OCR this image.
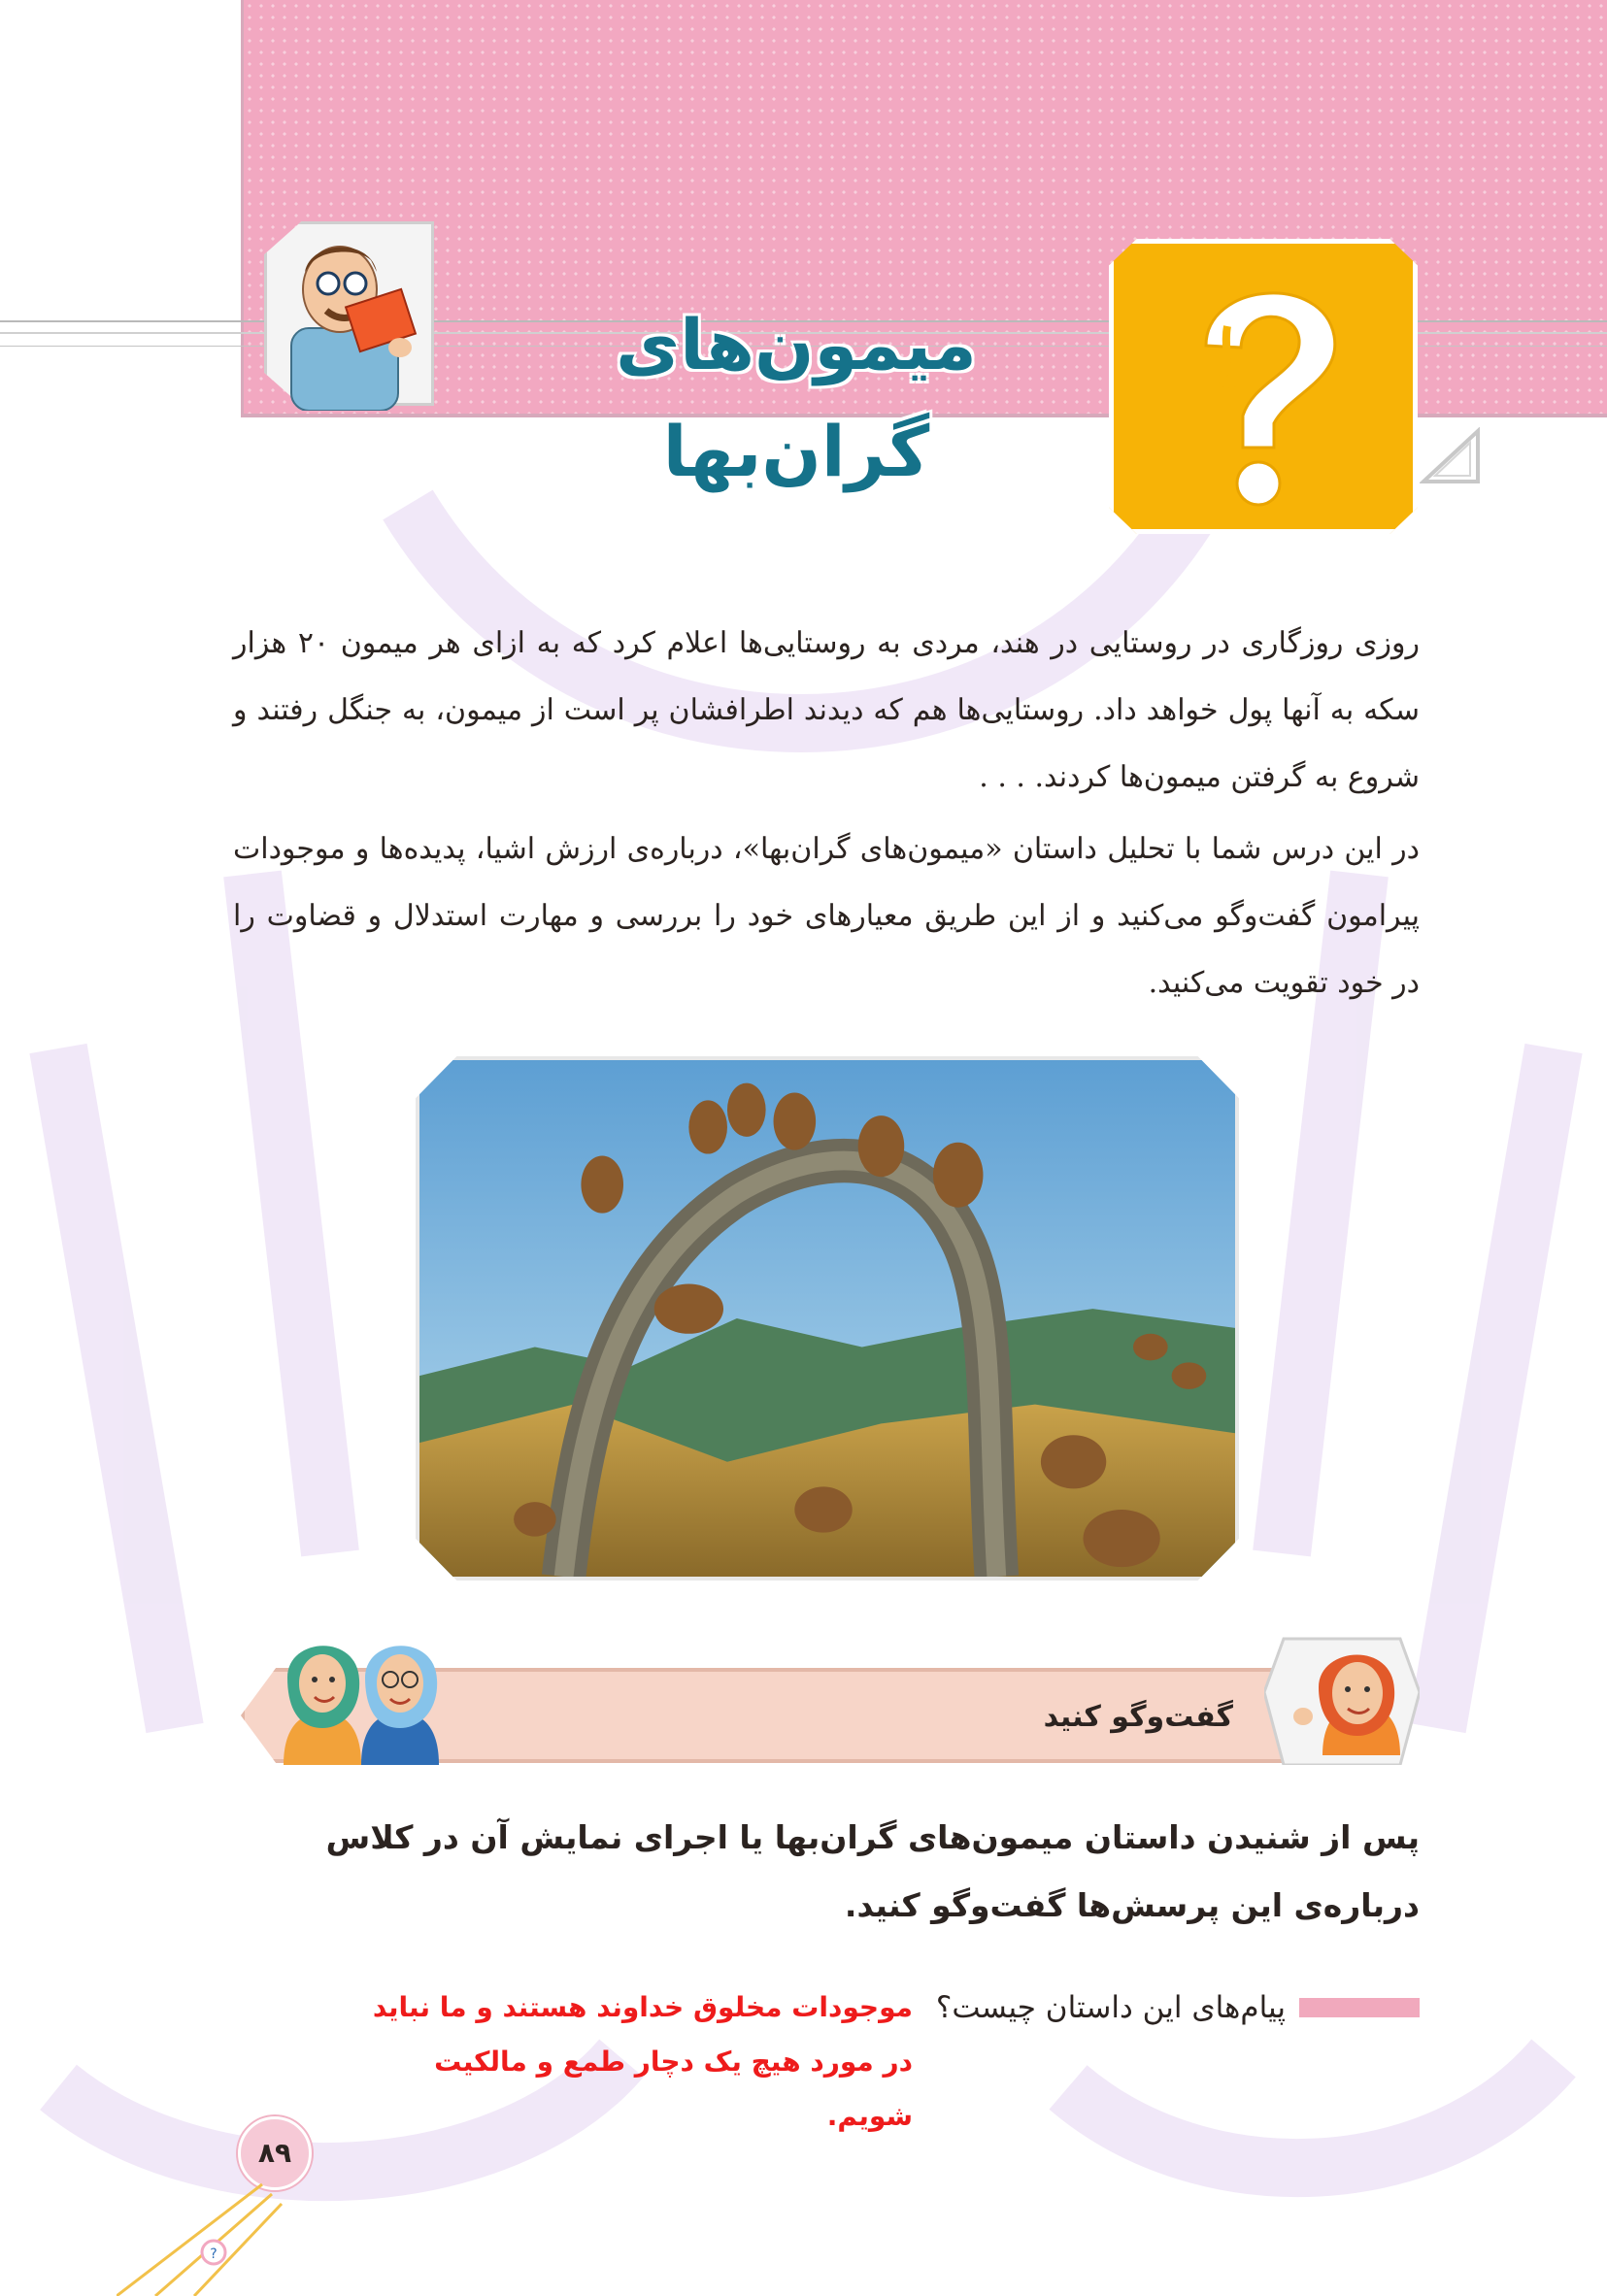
میمون‌های گران‌بها

روزی روزگاری در روستایی در هند، مردی به روستایی‌ها اعلام کرد که به ازای هر میمون ۲۰ هزار سکه به آنها پول خواهد داد. روستایی‌ها هم که دیدند اطرافشان پر است از میمون، به جنگل رفتند و شروع به گرفتن میمون‌ها کردند. . . .

در این درس شما با تحلیل داستان «میمون‌های گران‌بها»، درباره‌ی ارزش اشیا، پدیده‌ها و موجودات پیرامون گفت‌وگو می‌کنید و از این طریق معیارهای خود را بررسی و مهارت استدلال و قضاوت را در خود تقویت می‌کنید.

گفت‌وگو کنید

پس از شنیدن داستان میمون‌های گران‌بها یا اجرای نمایش آن در کلاس درباره‌ی این پرسش‌ها گفت‌وگو کنید.

پیام‌های این داستان چیست؟
موجودات مخلوق خداوند هستند و ما نباید
در مورد هیچ یک دچار طمع و مالکیت شویم.
۸۹
?
